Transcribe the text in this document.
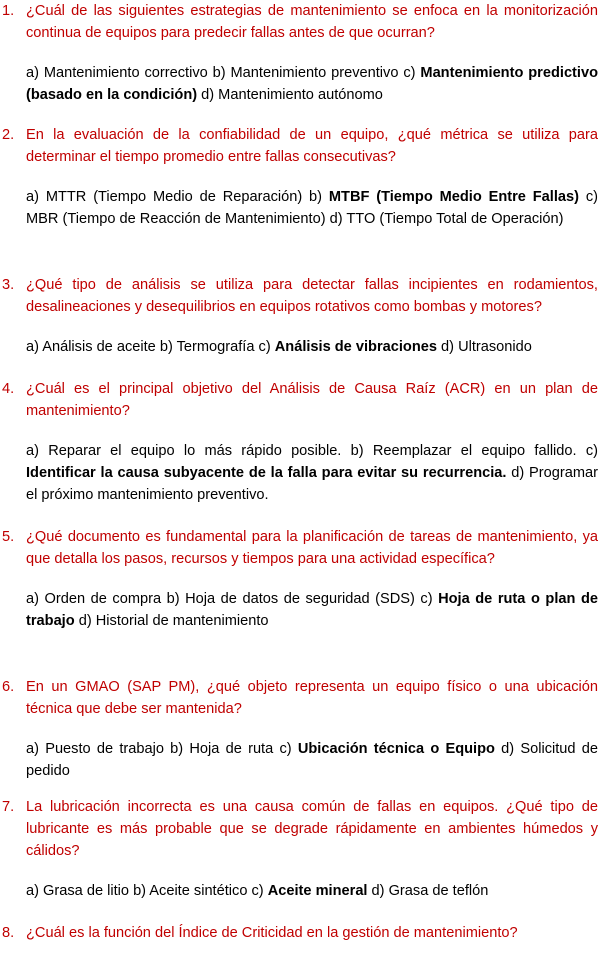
1. ¿Cuál de las siguientes estrategias de mantenimiento se enfoca en la monitorización continua de equipos para predecir fallas antes de que ocurran?
a) Mantenimiento correctivo b) Mantenimiento preventivo c) Mantenimiento predictivo (basado en la condición) d) Mantenimiento autónomo
2. En la evaluación de la confiabilidad de un equipo, ¿qué métrica se utiliza para determinar el tiempo promedio entre fallas consecutivas?
a) MTTR (Tiempo Medio de Reparación) b) MTBF (Tiempo Medio Entre Fallas) c) MBR (Tiempo de Reacción de Mantenimiento) d) TTO (Tiempo Total de Operación)
3. ¿Qué tipo de análisis se utiliza para detectar fallas incipientes en rodamientos, desalineaciones y desequilibrios en equipos rotativos como bombas y motores?
a) Análisis de aceite b) Termografía c) Análisis de vibraciones d) Ultrasonido
4. ¿Cuál es el principal objetivo del Análisis de Causa Raíz (ACR) en un plan de mantenimiento?
a) Reparar el equipo lo más rápido posible. b) Reemplazar el equipo fallido. c) Identificar la causa subyacente de la falla para evitar su recurrencia. d) Programar el próximo mantenimiento preventivo.
5. ¿Qué documento es fundamental para la planificación de tareas de mantenimiento, ya que detalla los pasos, recursos y tiempos para una actividad específica?
a) Orden de compra b) Hoja de datos de seguridad (SDS) c) Hoja de ruta o plan de trabajo d) Historial de mantenimiento
6. En un GMAO (SAP PM), ¿qué objeto representa un equipo físico o una ubicación técnica que debe ser mantenida?
a) Puesto de trabajo b) Hoja de ruta c) Ubicación técnica o Equipo d) Solicitud de pedido
7. La lubricación incorrecta es una causa común de fallas en equipos. ¿Qué tipo de lubricante es más probable que se degrade rápidamente en ambientes húmedos y cálidos?
a) Grasa de litio b) Aceite sintético c) Aceite mineral d) Grasa de teflón
8. ¿Cuál es la función del Índice de Criticidad en la gestión de mantenimiento?
